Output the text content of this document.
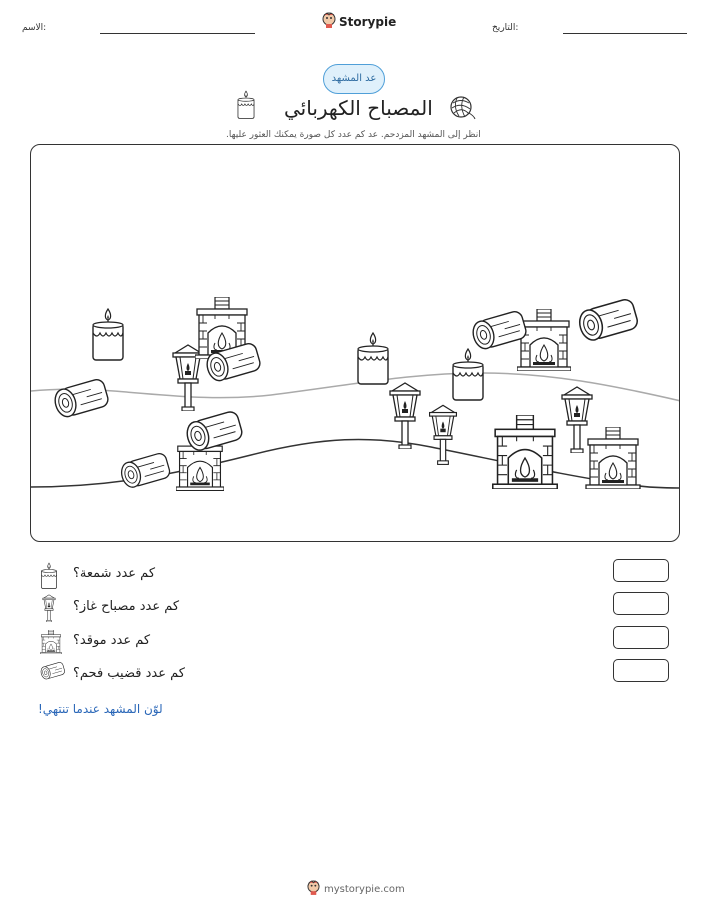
الاسم:	التاريخ:
Storypie
عد المشهد
المصباح الكهربائي
انظر إلى المشهد المزدحم. عد كم عدد كل صورة يمكنك العثور عليها.
كم عدد شمعة؟
كم عدد مصباح غاز؟
كم عدد موقد؟
كم عدد قضيب فحم؟
لوّن المشهد عندما تنتهي!
mystorypie.com
